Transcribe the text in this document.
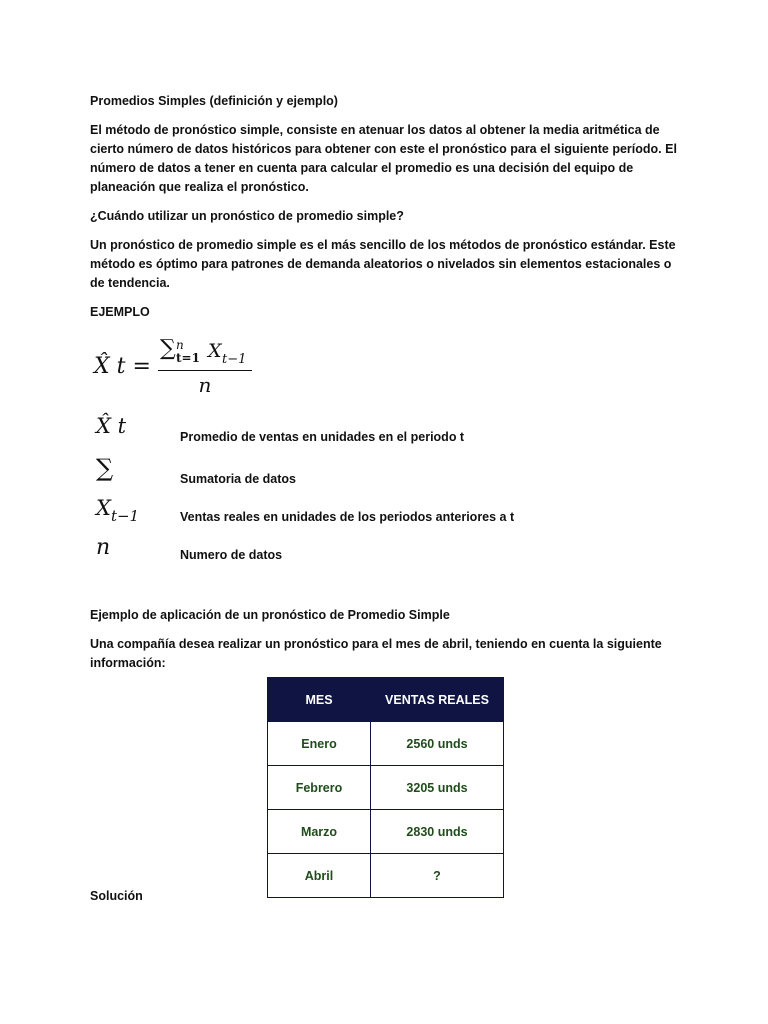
Promedios Simples (definición y ejemplo)
El método de pronóstico simple, consiste en atenuar los datos al obtener la media aritmética de cierto número de datos históricos para obtener con este el pronóstico para el siguiente período. El número de datos a tener en cuenta para calcular el promedio es una decisión del equipo de planeación que realiza el pronóstico.
¿Cuándo utilizar un pronóstico de promedio simple?
Un pronóstico de promedio simple es el más sencillo de los métodos de pronóstico estándar. Este método es óptimo para patrones de demanda aleatorios o nivelados sin elementos estacionales o de tendencia.
EJEMPLO
X̂ t =
∑ n
t=1 X t−1
n
X̂ t	Promedio de ventas en unidades en el periodo t
∑	Sumatoria de datos
Xt−1	Ventas reales en unidades de los periodos anteriores a t
n	Numero de datos
Ejemplo de aplicación de un pronóstico de Promedio Simple
Una compañía desea realizar un pronóstico para el mes de abril, teniendo en cuenta la siguiente información:
MES	VENTAS REALES
Enero	2560 unds
Febrero	3205 unds
Marzo	2830 unds
Abril	?
Solución
